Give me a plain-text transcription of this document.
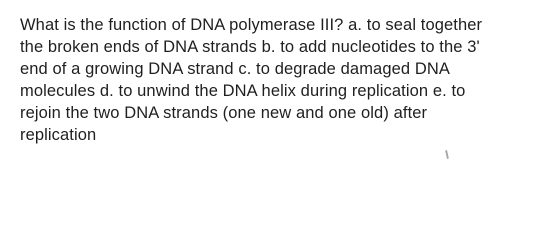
What is the function of DNA polymerase III? a. to seal together
the broken ends of DNA strands b. to add nucleotides to the 3'
end of a growing DNA strand c. to degrade damaged DNA
molecules d. to unwind the DNA helix during replication e. to
rejoin the two DNA strands (one new and one old) after
replication
